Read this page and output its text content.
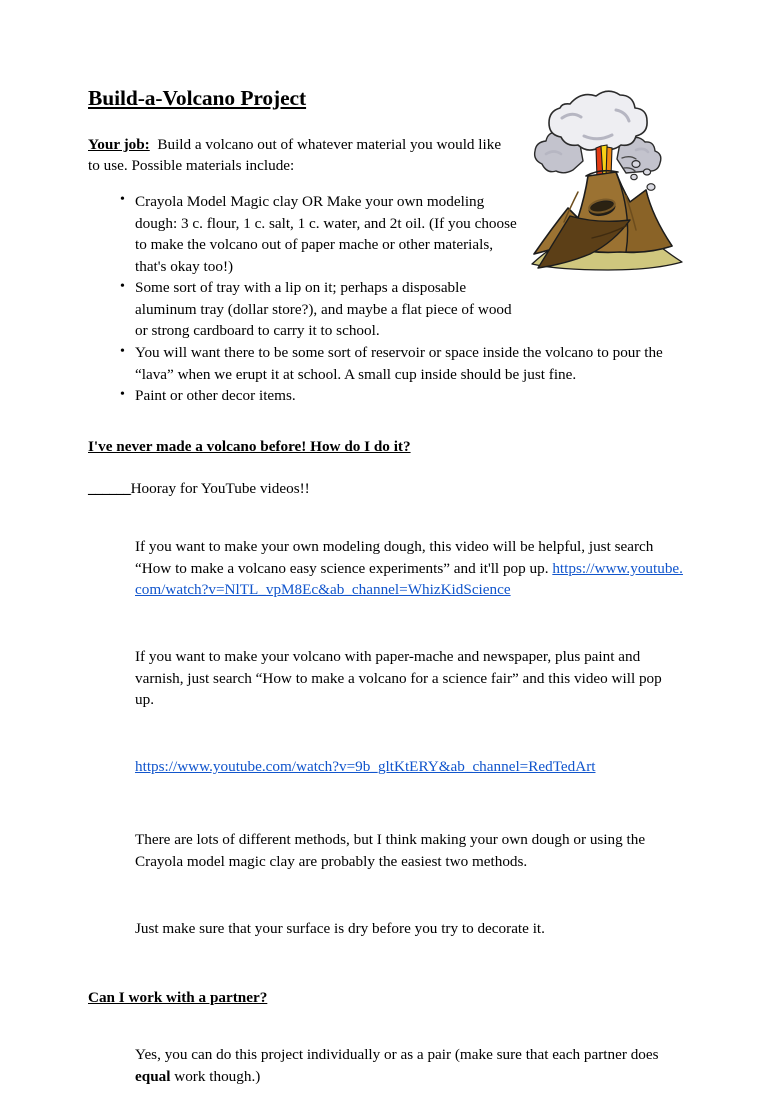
Build-a-Volcano Project

Your job: Build a volcano out of whatever material you would like to use. Possible materials include:

• Crayola Model Magic clay OR Make your own modeling dough: 3 c. flour, 1 c. salt, 1 c. water, and 2t oil. (If you choose to make the volcano out of paper mache or other materials, that's okay too!)
• Some sort of tray with a lip on it; perhaps a disposable aluminum tray (dollar store?), and maybe a flat piece of wood or strong cardboard to carry it to school.
• You will want there to be some sort of reservoir or space inside the volcano to pour the “lava” when we erupt it at school. A small cup inside should be just fine.
• Paint or other decor items.
I've never made a volcano before! How do I do it?

______Hooray for YouTube videos!!

If you want to make your own modeling dough, this video will be helpful, just search “How to make a volcano easy science experiments” and it'll pop up. https://www.youtube.com/watch?v=NlTL_vpM8Ec&ab_channel=WhizKidScience

If you want to make your volcano with paper-mache and newspaper, plus paint and varnish, just search “How to make a volcano for a science fair” and this video will pop up.

https://www.youtube.com/watch?v=9b_gltKtERY&ab_channel=RedTedArt

There are lots of different methods, but I think making your own dough or using the Crayola model magic clay are probably the easiest two methods.

Just make sure that your surface is dry before you try to decorate it.

Can I work with a partner?

Yes, you can do this project individually or as a pair (make sure that each partner does equal work though.)
